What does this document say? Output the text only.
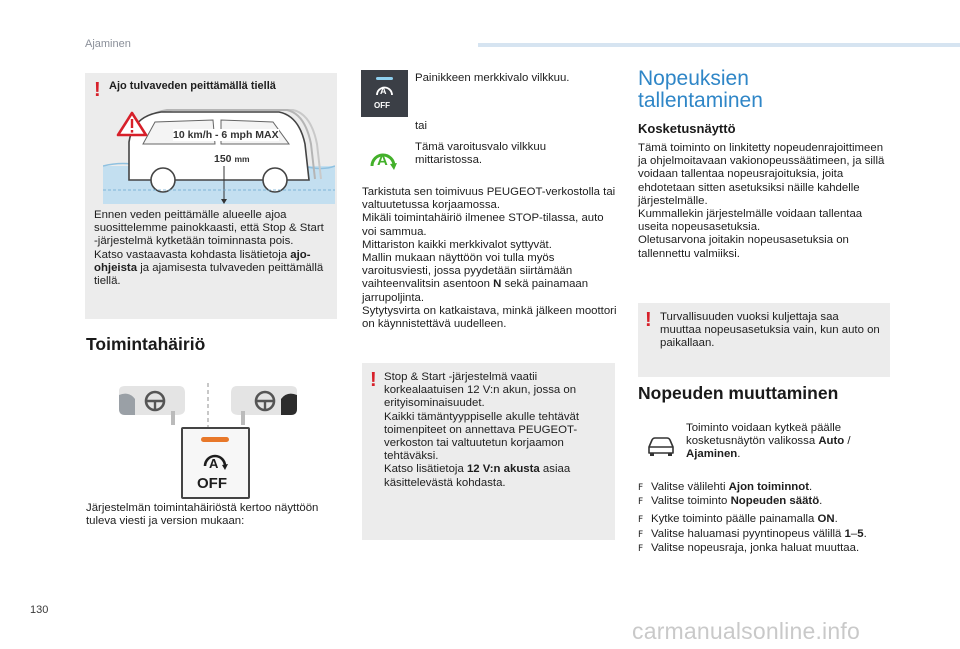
Ajaminen
! Ajo tulvaveden peittämällä tiellä
10 km/h - 6 mph MAX
150 mm
Ennen veden peittämälle alueelle ajoa suosittelemme painokkaasti, että Stop & Start -järjestelmä kytketään toiminnasta pois.
Katso vastaavasta kohdasta lisätietoja ajo-ohjeista ja ajamisesta tulvaveden peittämällä tiellä.
Toimintahäiriö
A
OFF
Järjestelmän toimintahäiriöstä kertoo näyttöön tuleva viesti ja version mukaan:
A
OFF
Painikkeen merkkivalo vilkkuu.
tai
A
Tämä varoitusvalo vilkkuu mittaristossa.
Tarkistuta sen toimivuus PEUGEOT-verkostolla tai valtuutetussa korjaamossa.
Mikäli toimintahäiriö ilmenee STOP-tilassa, auto voi sammua.
Mittariston kaikki merkkivalot syttyvät.
Mallin mukaan näyttöön voi tulla myös varoitusviesti, jossa pyydetään siirtämään vaihteenvalitsin asentoon N sekä painamaan jarrupoljinta.
Sytytysvirta on katkaistava, minkä jälkeen moottori on käynnistettävä uudelleen.
! Stop & Start -järjestelmä vaatii korkealaatuisen 12 V:n akun, jossa on erityisominaisuudet.
Kaikki tämäntyyppiselle akulle tehtävät toimenpiteet on annettava PEUGEOT-verkoston tai valtuutetun korjaamon tehtäväksi.
Katso lisätietoja 12 V:n akusta asiaa käsittelevästä kohdasta.
Nopeuksien
tallentaminen
Kosketusnäyttö
Tämä toiminto on linkitetty nopeudenrajoittimeen ja ohjelmoitavaan vakionopeussäätimeen, ja sillä voidaan tallentaa nopeusrajoituksia, joita ehdotetaan sitten asetuksiksi näille kahdelle järjestelmälle.
Kummallekin järjestelmälle voidaan tallentaa useita nopeusasetuksia.
Oletusarvona joitakin nopeusasetuksia on tallennettu valmiiksi.
! Turvallisuuden vuoksi kuljettaja saa muuttaa nopeusasetuksia vain, kun auto on paikallaan.
Nopeuden muuttaminen
Toiminto voidaan kytkeä päälle kosketusnäytön valikossa Auto / Ajaminen.
F Valitse välilehti Ajon toiminnot.
F Valitse toiminto Nopeuden säätö.
F Kytke toiminto päälle painamalla ON.
F Valitse haluamasi pyyntinopeus välillä 1–5.
F Valitse nopeusraja, jonka haluat muuttaa.
130
carmanualsonline.info
